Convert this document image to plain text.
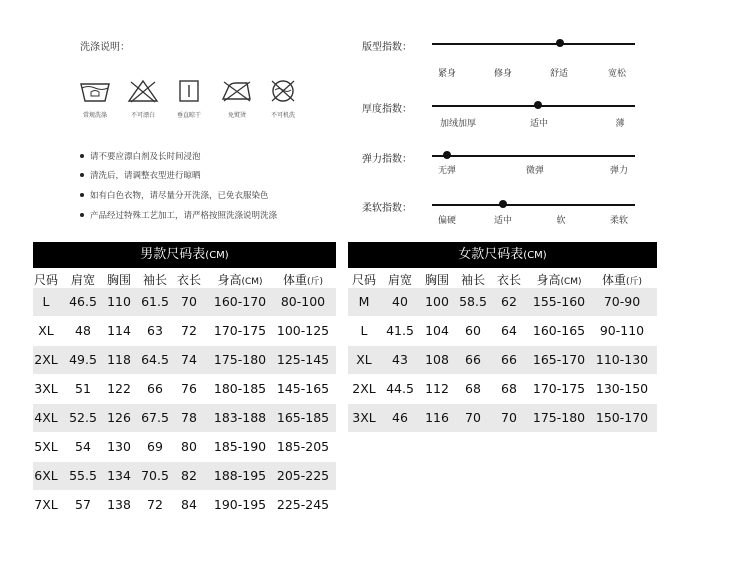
洗涤说明：
常规洗涤	不可漂白	垂直晾干	免熨烫	不可机洗
请不要应漂白剂及长时间浸泡
清洗后，请调整衣型进行晾晒
如有白色衣物，请尽量分开洗涤，已免衣服染色
产品经过特殊工艺加工，请严格按照洗涤说明洗涤
版型指数：
紧身	修身	舒适	宽松
厚度指数：
加绒加厚	适中	薄
弹力指数：
无弹	微弹	弹力
柔软指数：
偏硬	适中	软	柔软
男款尺码表(CM)
尺码 肩宽 胸围 袖长 衣长 身高(CM) 体重(斤)
L 46.5 110 61.5 70 160-170 80-100
XL 48 114 63 72 170-175 100-125
2XL 49.5 118 64.5 74 175-180 125-145
3XL 51 122 66 76 180-185 145-165
4XL 52.5 126 67.5 78 183-188 165-185
5XL 54 130 69 80 185-190 185-205
6XL 55.5 134 70.5 82 188-195 205-225
7XL 57 138 72 84 190-195 225-245
女款尺码表(CM)
尺码 肩宽 胸围 袖长 衣长 身高(CM) 体重(斤)
M 40 100 58.5 62 155-160 70-90
L 41.5 104 60 64 160-165 90-110
XL 43 108 66 66 165-170 110-130
2XL 44.5 112 68 68 170-175 130-150
3XL 46 116 70 70 175-180 150-170
